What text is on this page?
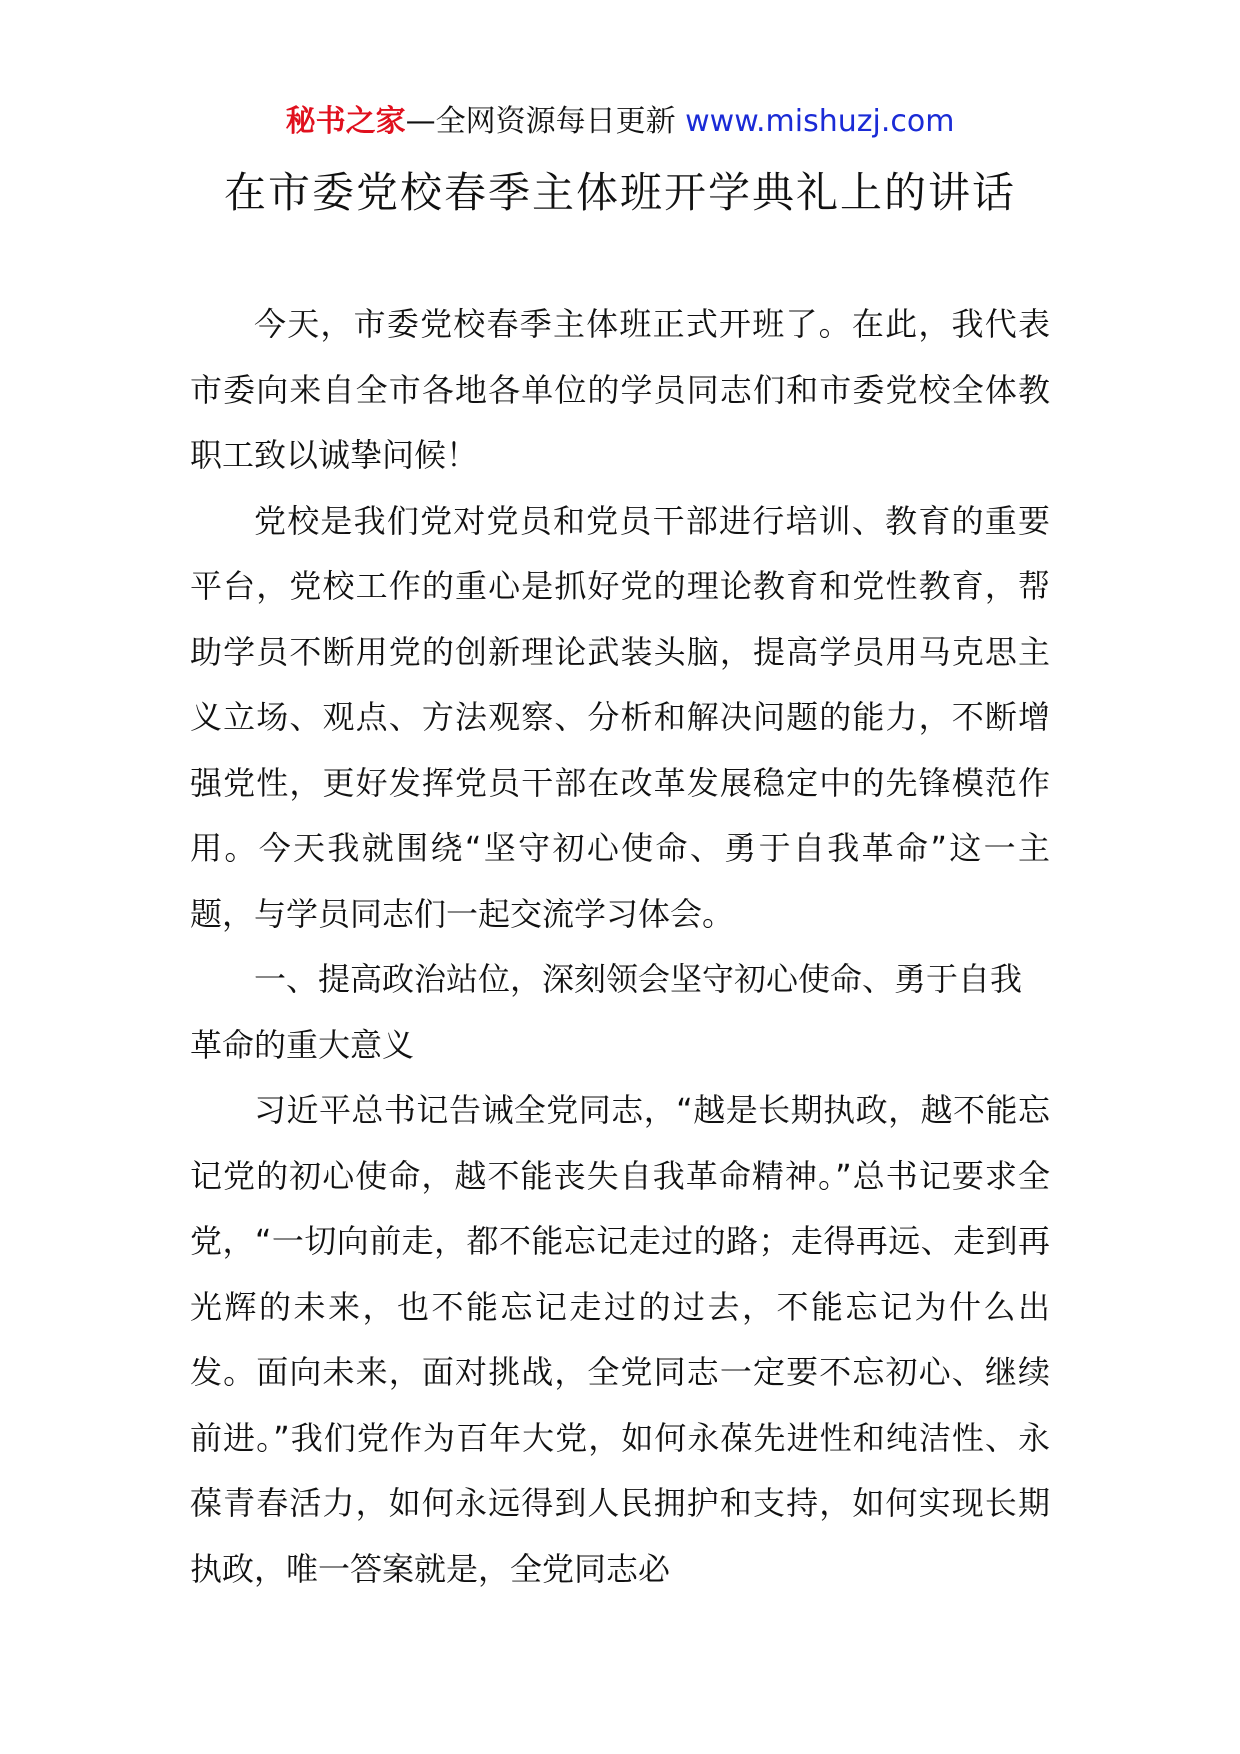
秘书之家—全网资源每日更新 www.mishuzj.com
在市委党校春季主体班开学典礼上的讲话

今天，市委党校春季主体班正式开班了。在此，我代表市委向来自全市各地各单位的学员同志们和市委党校全体教职工致以诚挚问候！

党校是我们党对党员和党员干部进行培训、教育的重要平台，党校工作的重心是抓好党的理论教育和党性教育，帮助学员不断用党的创新理论武装头脑，提高学员用马克思主义立场、观点、方法观察、分析和解决问题的能力，不断增强党性，更好发挥党员干部在改革发展稳定中的先锋模范作用。今天我就围绕“坚守初心使命、勇于自我革命”这一主题，与学员同志们一起交流学习体会。

一、提高政治站位，深刻领会坚守初心使命、勇于自我革命的重大意义

习近平总书记告诫全党同志，“越是长期执政，越不能忘记党的初心使命，越不能丧失自我革命精神。”总书记要求全党，“一切向前走，都不能忘记走过的路；走得再远、走到再光辉的未来，也不能忘记走过的过去，不能忘记为什么出发。面向未来，面对挑战，全党同志一定要不忘初心、继续前进。”我们党作为百年大党，如何永葆先进性和纯洁性、永葆青春活力，如何永远得到人民拥护和支持，如何实现长期执政，唯一答案就是，全党同志必
